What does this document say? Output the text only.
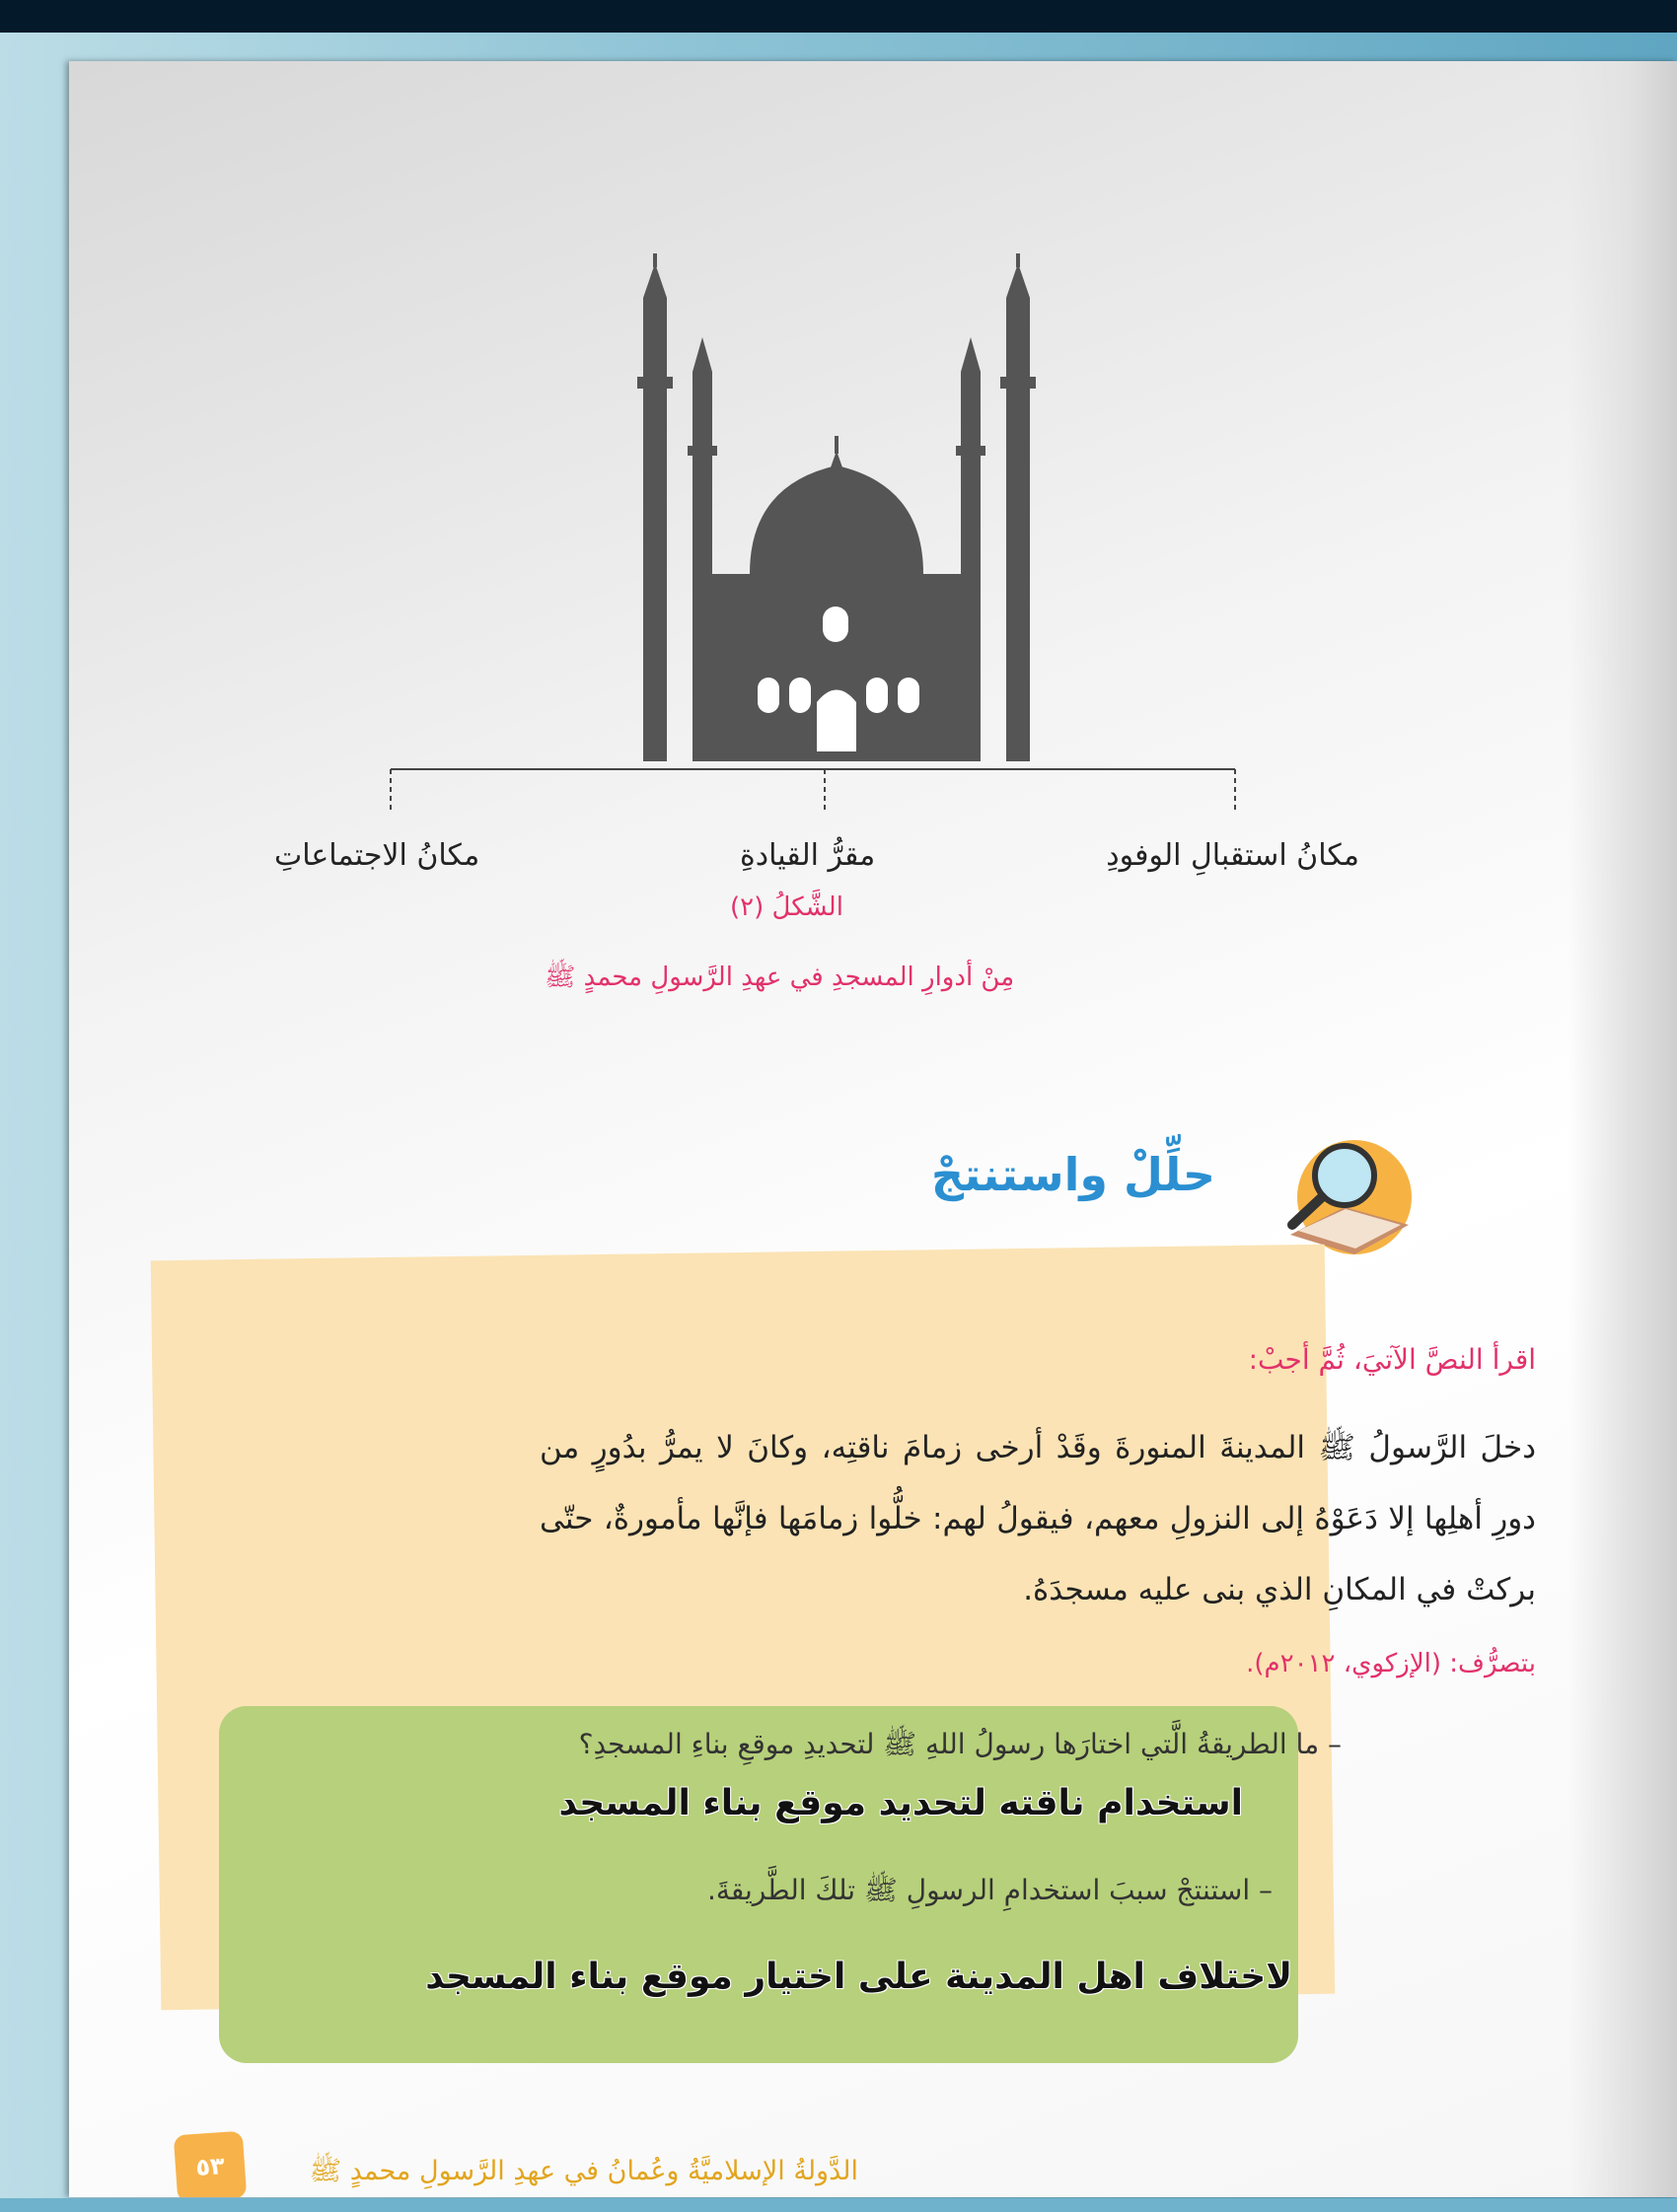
مكانُ استقبالِ الوفودِ
مقرُّ القيادةِ
مكانُ الاجتماعاتِ
الشَّكلُ (٢)
مِنْ أدوارِ المسجدِ في عهدِ الرَّسولِ محمدٍ ﷺ
حلِّلْ واستنتجْ
اقرأ النصَّ الآتيَ، ثُمَّ أجبْ:
دخلَ الرَّسولُ ﷺ المدينةَ المنورةَ وقَدْ أرخى زمامَ ناقتِه، وكانَ لا يمرُّ بدُورٍ من دورِ أهلِها إلا دَعَوْهُ إلى النزولِ معهم، فيقولُ لهم: خلُّوا زمامَها فإنَّها مأمورةٌ، حتّى بركتْ في المكانِ الذي بنى عليه مسجدَهُ.
بتصرُّف: (الإزكوي، ٢٠١٢م).
– ما الطريقةُ الَّتي اختارَها رسولُ اللهِ ﷺ لتحديدِ موقعِ بناءِ المسجدِ؟
استخدام ناقته لتحديد موقع بناء المسجد
– استنتجْ سببَ استخدامِ الرسولِ ﷺ تلكَ الطَّريقةَ.
لاختلاف اهل المدينة على اختيار موقع بناء المسجد
الدَّولةُ الإسلاميَّةُ وعُمانُ في عهدِ الرَّسولِ محمدٍ ﷺ
٥٣
